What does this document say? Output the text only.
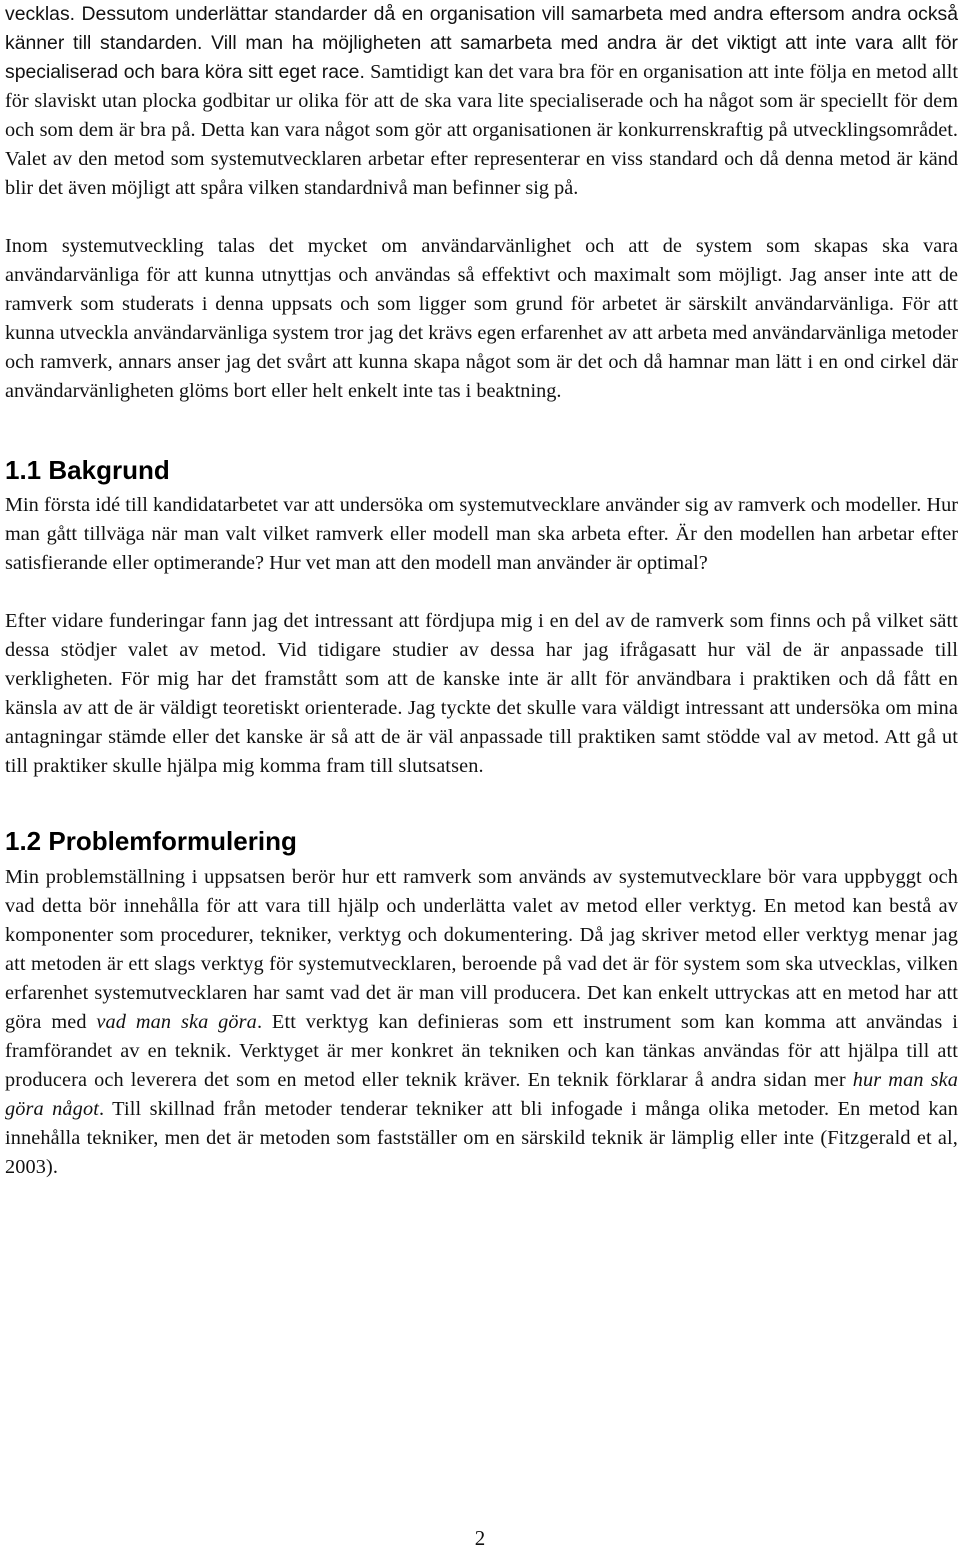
vecklas. Dessutom underlättar standarder då en organisation vill samarbeta med andra eftersom andra också känner till standarden. Vill man ha möjligheten att samarbeta med andra är det viktigt att inte vara allt för specialiserad och bara köra sitt eget race. Samtidigt kan det vara bra för en organisation att inte följa en metod allt för slaviskt utan plocka godbitar ur olika för att de ska vara lite specialiserade och ha något som är speciellt för dem och som dem är bra på. Detta kan vara något som gör att organisationen är konkurrenskraftig på utvecklingsområdet. Valet av den metod som systemutvecklaren arbetar efter representerar en viss standard och då denna metod är känd blir det även möjligt att spåra vilken standardnivå man befinner sig på.

Inom systemutveckling talas det mycket om användarvänlighet och att de system som skapas ska vara användarvänliga för att kunna utnyttjas och användas så effektivt och maximalt som möjligt. Jag anser inte att de ramverk som studerats i denna uppsats och som ligger som grund för arbetet är särskilt användarvänliga. För att kunna utveckla användarvänliga system tror jag det krävs egen erfarenhet av att arbeta med användarvänliga metoder och ramverk, annars anser jag det svårt att kunna skapa något som är det och då hamnar man lätt i en ond cirkel där användarvänligheten glöms bort eller helt enkelt inte tas i beaktning.

1.1 Bakgrund

Min första idé till kandidatarbetet var att undersöka om systemutvecklare använder sig av ramverk och modeller. Hur man gått tillväga när man valt vilket ramverk eller modell man ska arbeta efter. Är den modellen han arbetar efter satisfierande eller optimerande? Hur vet man att den modell man använder är optimal?

Efter vidare funderingar fann jag det intressant att fördjupa mig i en del av de ramverk som finns och på vilket sätt dessa stödjer valet av metod. Vid tidigare studier av dessa har jag ifrågasatt hur väl de är anpassade till verkligheten. För mig har det framstått som att de kanske inte är allt för användbara i praktiken och då fått en känsla av att de är väldigt teoretiskt orienterade. Jag tyckte det skulle vara väldigt intressant att undersöka om mina antagningar stämde eller det kanske är så att de är väl anpassade till praktiken samt stödde val av metod. Att gå ut till praktiker skulle hjälpa mig komma fram till slutsatsen.

1.2 Problemformulering

Min problemställning i uppsatsen berör hur ett ramverk som används av systemutvecklare bör vara uppbyggt och vad detta bör innehålla för att vara till hjälp och underlätta valet av metod eller verktyg. En metod kan bestå av komponenter som procedurer, tekniker, verktyg och dokumentering. Då jag skriver metod eller verktyg menar jag att metoden är ett slags verktyg för systemutvecklaren, beroende på vad det är för system som ska utvecklas, vilken erfarenhet systemutvecklaren har samt vad det är man vill producera. Det kan enkelt uttryckas att en metod har att göra med vad man ska göra. Ett verktyg kan definieras som ett instrument som kan komma att användas i framförandet av en teknik. Verktyget är mer konkret än tekniken och kan tänkas användas för att hjälpa till att producera och leverera det som en metod eller teknik kräver. En teknik förklarar å andra sidan mer hur man ska göra något. Till skillnad från metoder tenderar tekniker att bli infogade i många olika metoder. En metod kan innehålla tekniker, men det är metoden som fastställer om en särskild teknik är lämplig eller inte (Fitzgerald et al, 2003).

2
